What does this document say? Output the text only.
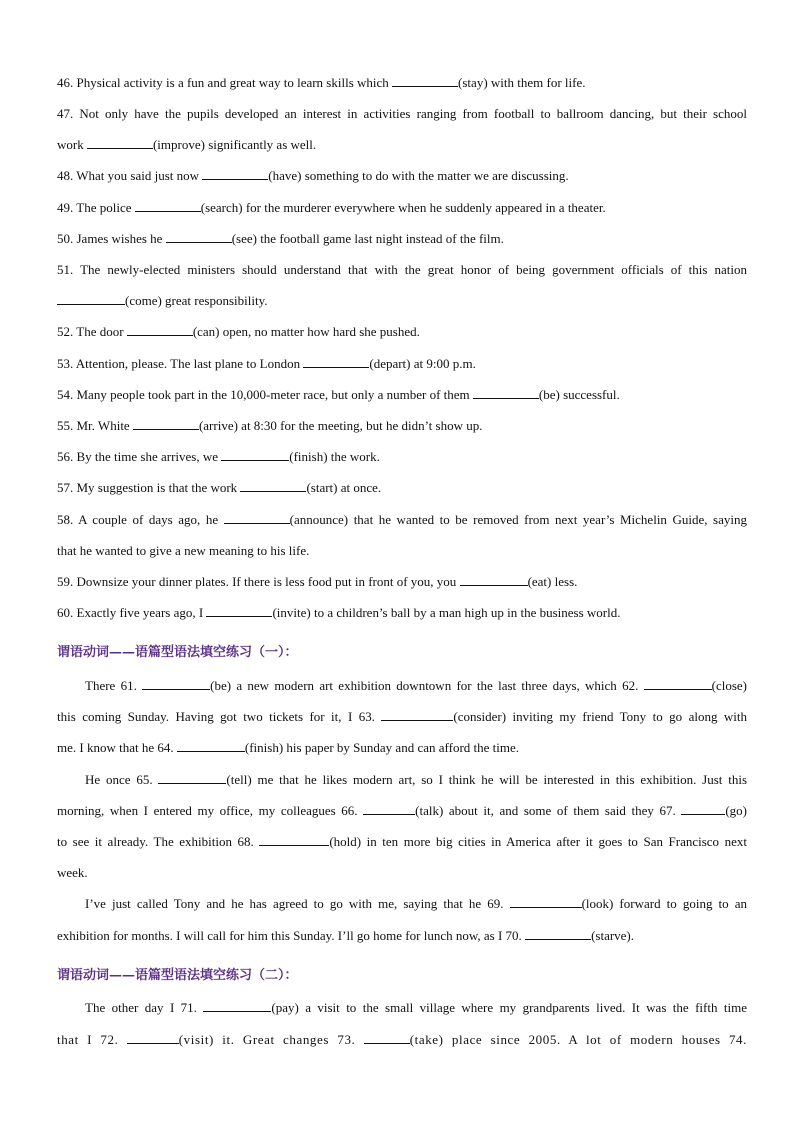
46. Physical activity is a fun and great way to learn skills which	(stay) with them for life.
47. Not only have the pupils developed an interest in activities ranging from football to ballroom dancing, but their school
work	(improve) significantly as well.
48. What you said just now	(have) something to do with the matter we are discussing.
49. The police	(search) for the murderer everywhere when he suddenly appeared in a theater.
50. James wishes he	(see) the football game last night instead of the film.
51. The newly-elected ministers should understand that with the great honor of being government officials of this nation
(come) great responsibility.
52. The door	(can) open, no matter how hard she pushed.
53. Attention, please. The last plane to London	(depart) at 9:00 p.m.
54. Many people took part in the 10,000-meter race, but only a number of them	(be) successful.
55. Mr. White	(arrive) at 8:30 for the meeting, but he didn’t show up.
56. By the time she arrives, we	(finish) the work.
57. My suggestion is that the work	(start) at once.
58. A couple of days ago, he	(announce) that he wanted to be removed from next year’s Michelin Guide, saying
that he wanted to give a new meaning to his life.
59. Downsize your dinner plates. If there is less food put in front of you, you	(eat) less.
60. Exactly five years ago, I	(invite) to a children’s ball by a man high up in the business world.
谓语动词——语篇型语法填空练习（一）：
There 61.	(be) a new modern art exhibition downtown for the last three days, which 62.	(close)
this coming Sunday. Having got two tickets for it, I 63.	(consider) inviting my friend Tony to go along with
me. I know that he 64.	(finish) his paper by Sunday and can afford the time.
He once 65.	(tell) me that he likes modern art, so I think he will be interested in this exhibition. Just this
morning, when I entered my office, my colleagues 66.	(talk) about it, and some of them said they 67.	(go)
to see it already. The exhibition 68.	(hold) in ten more big cities in America after it goes to San Francisco next
week.
I’ve just called Tony and he has agreed to go with me, saying that he 69.	(look) forward to going to an
exhibition for months. I will call for him this Sunday. I’ll go home for lunch now, as I 70.	(starve).
谓语动词——语篇型语法填空练习（二）：
The other day I 71.	(pay) a visit to the small village where my grandparents lived. It was the fifth time
that I 72.	(visit) it. Great changes 73.	(take) place since 2005. A lot of modern houses 74.
